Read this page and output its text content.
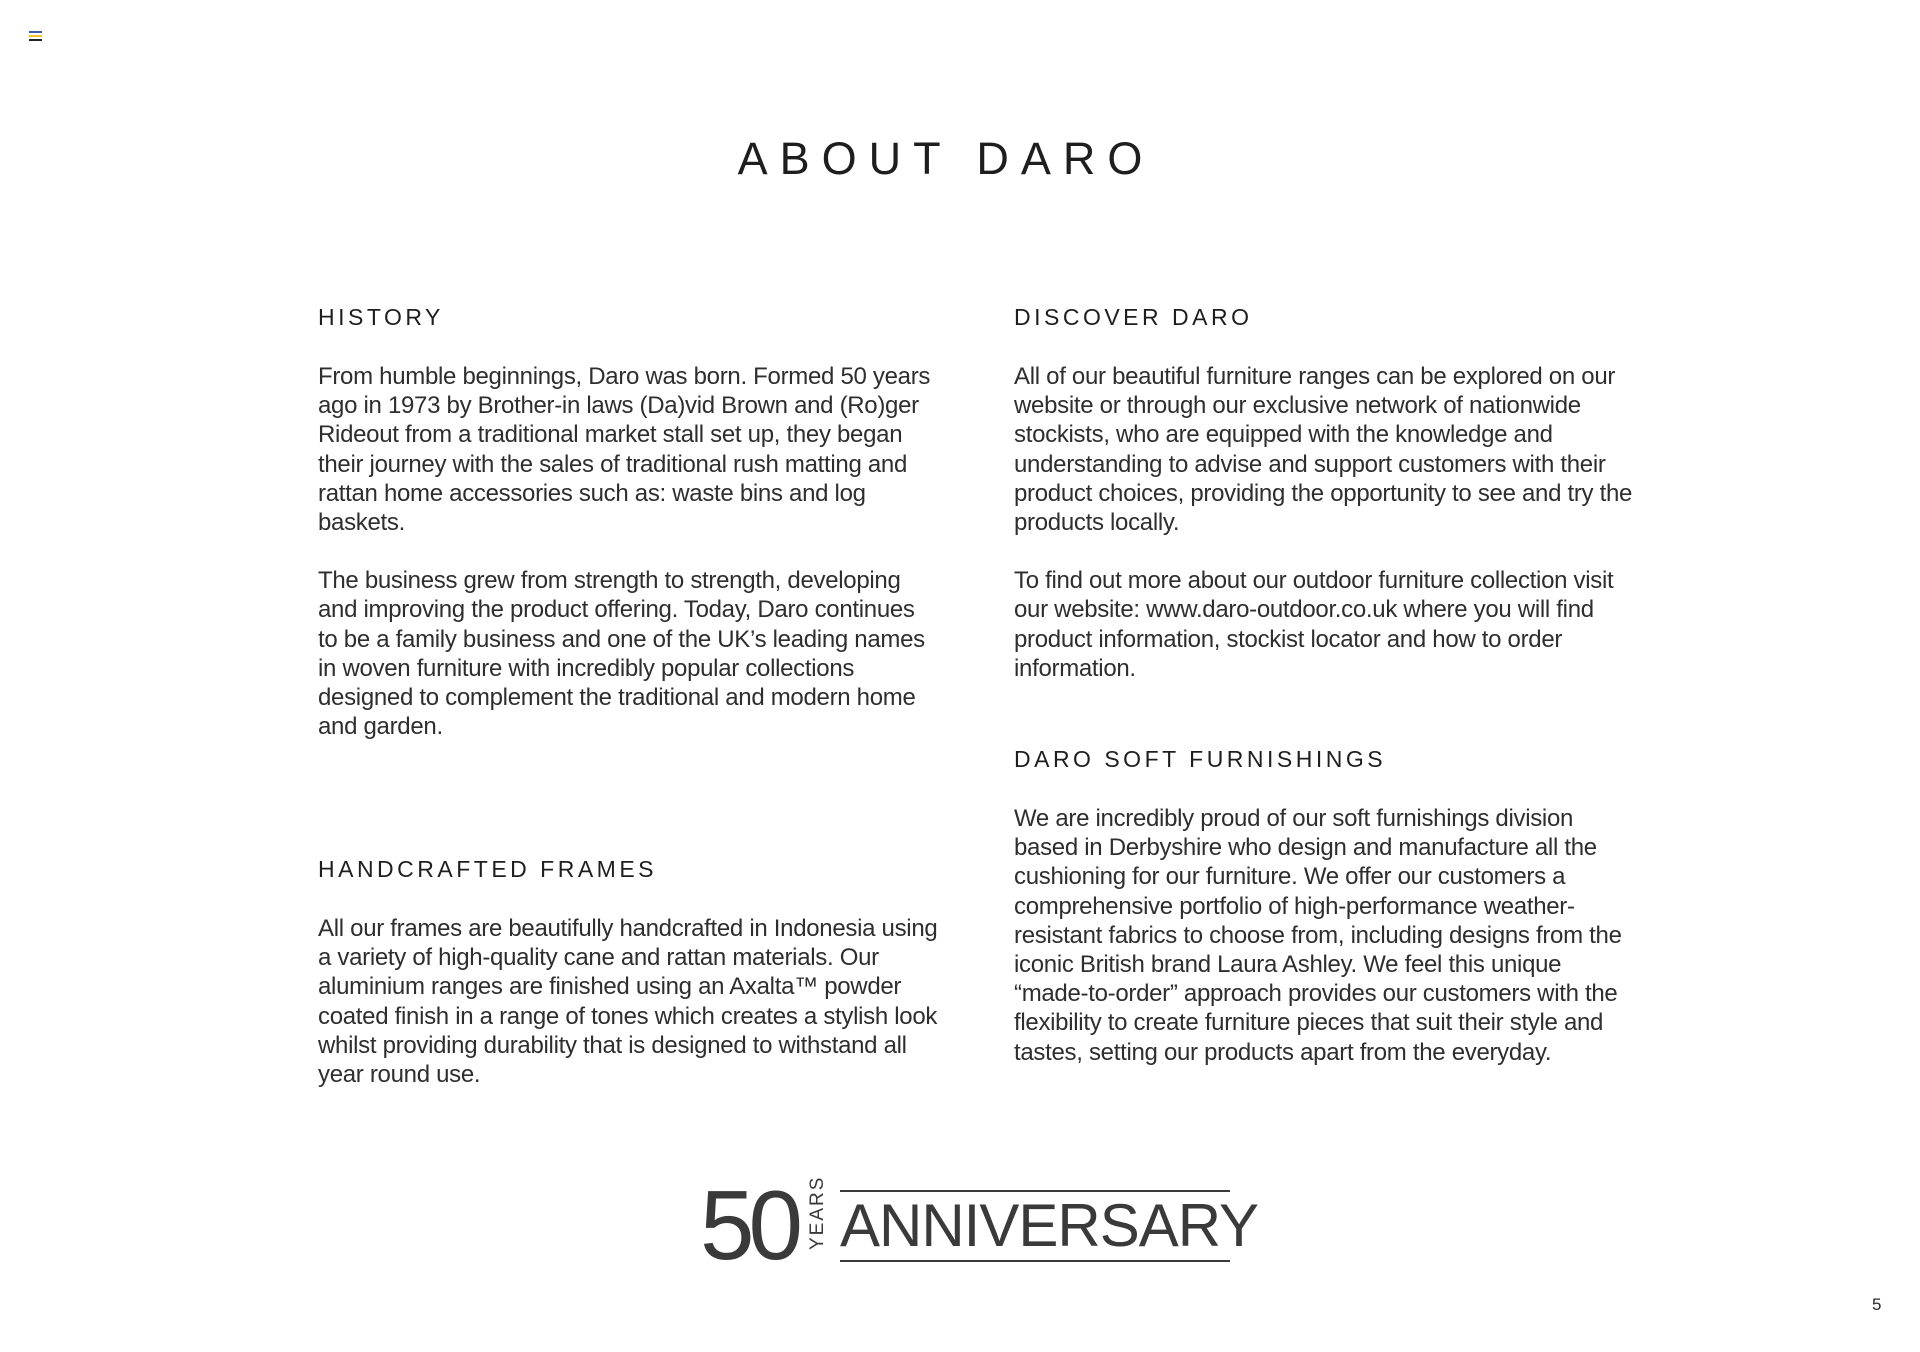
ABOUT DARO
HISTORY

From humble beginnings, Daro was born. Formed 50 years ago in 1973 by Brother-in laws (Da)vid Brown and (Ro)ger Rideout from a traditional market stall set up, they began their journey with the sales of traditional rush matting and rattan home accessories such as: waste bins and log baskets.

The business grew from strength to strength, developing and improving the product offering. Today, Daro continues to be a family business and one of the UK’s leading names in woven furniture with incredibly popular collections designed to complement the traditional and modern home and garden.

HANDCRAFTED FRAMES

All our frames are beautifully handcrafted in Indonesia using a variety of high-quality cane and rattan materials. Our aluminium ranges are finished using an Axalta™ powder coated finish in a range of tones which creates a stylish look whilst providing durability that is designed to withstand all year round use.

DISCOVER DARO

All of our beautiful furniture ranges can be explored on our website or through our exclusive network of nationwide stockists, who are equipped with the knowledge and understanding to advise and support customers with their product choices, providing the opportunity to see and try the products locally.

To find out more about our outdoor furniture collection visit our website: www.daro-outdoor.co.uk where you will find product information, stockist locator and how to order information.

DARO SOFT FURNISHINGS

We are incredibly proud of our soft furnishings division based in Derbyshire who design and manufacture all the cushioning for our furniture. We offer our customers a comprehensive portfolio of high-performance weather-resistant fabrics to choose from, including designs from the iconic British brand Laura Ashley. We feel this unique “made-to-order” approach provides our customers with the flexibility to create furniture pieces that suit their style and tastes, setting our products apart from the everyday.

50 YEARS ANNIVERSARY
5
